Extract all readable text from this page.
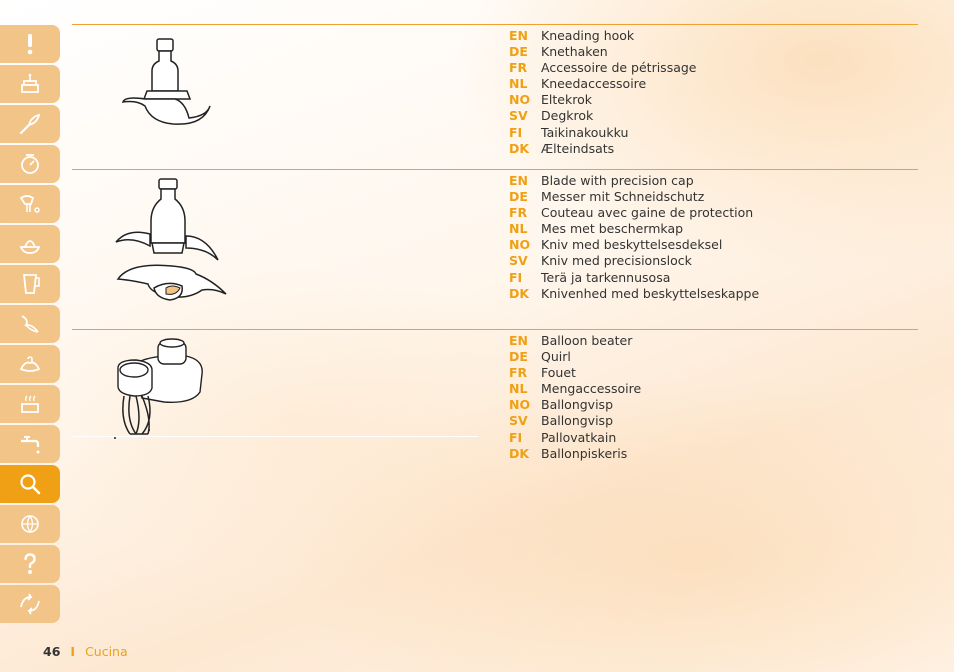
EN	Kneading hook
DE	Knethaken
FR	Accessoire de pétrissage
NL	Kneedaccessoire
NO Eltekrok
SV	Degkrok
FI	Taikinakoukku
DK Ælteindsats
EN	Blade with precision cap
DE	Messer mit Schneidschutz
FR	Couteau avec gaine de protection
NL	Mes met beschermkap
NO Kniv med beskyttelsesdeksel
SV	Kniv med precisionslock
FI	Terä ja tarkennusosa
DK Knivenhed med beskyttelseskappe
EN	Balloon beater
DE	Quirl
FR	Fouet
NL	Mengaccessoire
NO Ballongvisp
SV	Ballongvisp
FI	Pallovatkain
DK Ballonpiskeris
46 I Cucina
